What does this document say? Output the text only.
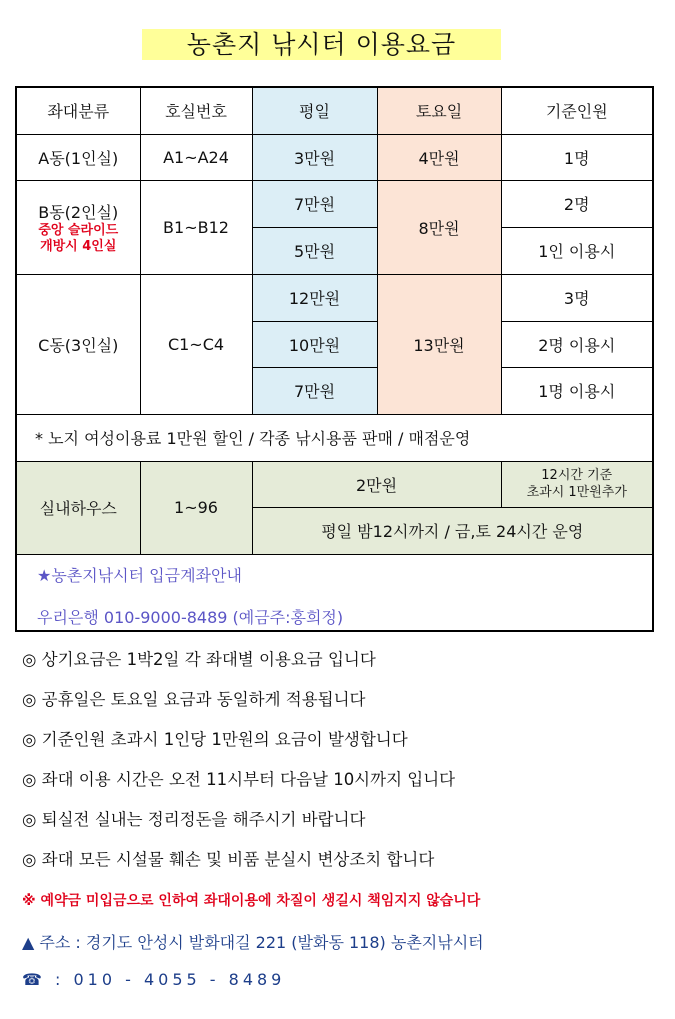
농촌지 낚시터 이용요금
좌대분류	호실번호	평일	토요일	기준인원
A동(1인실)	A1~A24	3만원	4만원	1명

B동(2인실)
중앙 슬라이드
개방시 4인실	B1~B12	7만원	8만원	2명
		5만원		1인 이용시
C동(3인실)	C1~C4	12만원	13만원	3명
		10만원		2명 이용시
		7만원		1명 이용시
* 노지 여성이용료 1만원 할인 / 각종 낚시용품 판매 / 매점운영				
실내하우스	1~96	2만원		12시간 기준
초과시 1만원추가

		평일 밤12시까지 / 금,토 24시간 운영		

★농촌지낚시터 입금계좌안내
우리은행 010-9000-8489 (예금주:홍희정)				
◎ 상기요금은 1박2일 각 좌대별 이용요금 입니다
◎ 공휴일은 토요일 요금과 동일하게 적용됩니다
◎ 기준인원 초과시 1인당 1만원의 요금이 발생합니다
◎ 좌대 이용 시간은 오전 11시부터 다음날 10시까지 입니다
◎ 퇴실전 실내는 정리정돈을 해주시기 바랍니다
◎ 좌대 모든 시설물 훼손 및 비품 분실시 변상조치 합니다
※ 예약금 미입금으로 인하여 좌대이용에 차질이 생길시 책임지지 않습니다
▲ 주소 : 경기도 안성시 발화대길 221 (발화동 118) 농촌지낚시터
☎ : 010 - 4055 - 8489
